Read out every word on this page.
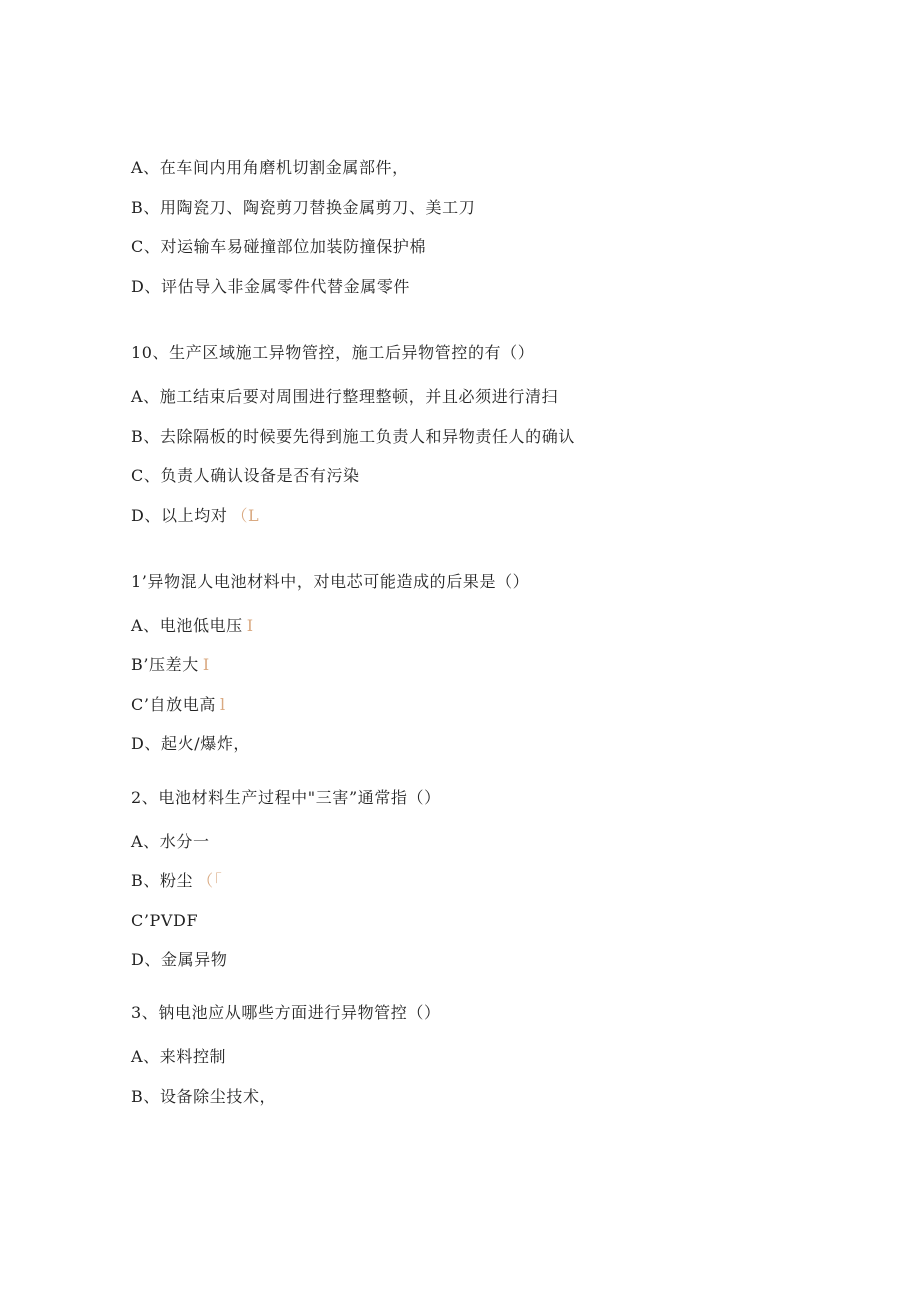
A、在车间内用角磨机切割金属部件，
B、用陶瓷刀、陶瓷剪刀替换金属剪刀、美工刀
C、对运输车易碰撞部位加装防撞保护棉
D、评估导入非金属零件代替金属零件
10、生产区域施工异物管控，施工后异物管控的有（）
A、施工结束后要对周围进行整理整顿，并且必须进行清扫
B、去除隔板的时候要先得到施工负责人和异物责任人的确认
C、负责人确认设备是否有污染
D、以上均对 （L
1’异物混人电池材料中，对电芯可能造成的后果是（）
A、电池低电压 I
B’压差大 I
C’自放电高 l
D、起火/爆炸，
2、电池材料生产过程中"三害”通常指（）
A、水分一
B、粉尘 （「
C’PVDF
D、金属异物
3、钠电池应从哪些方面进行异物管控（）
A、来料控制
B、设备除尘技术，
